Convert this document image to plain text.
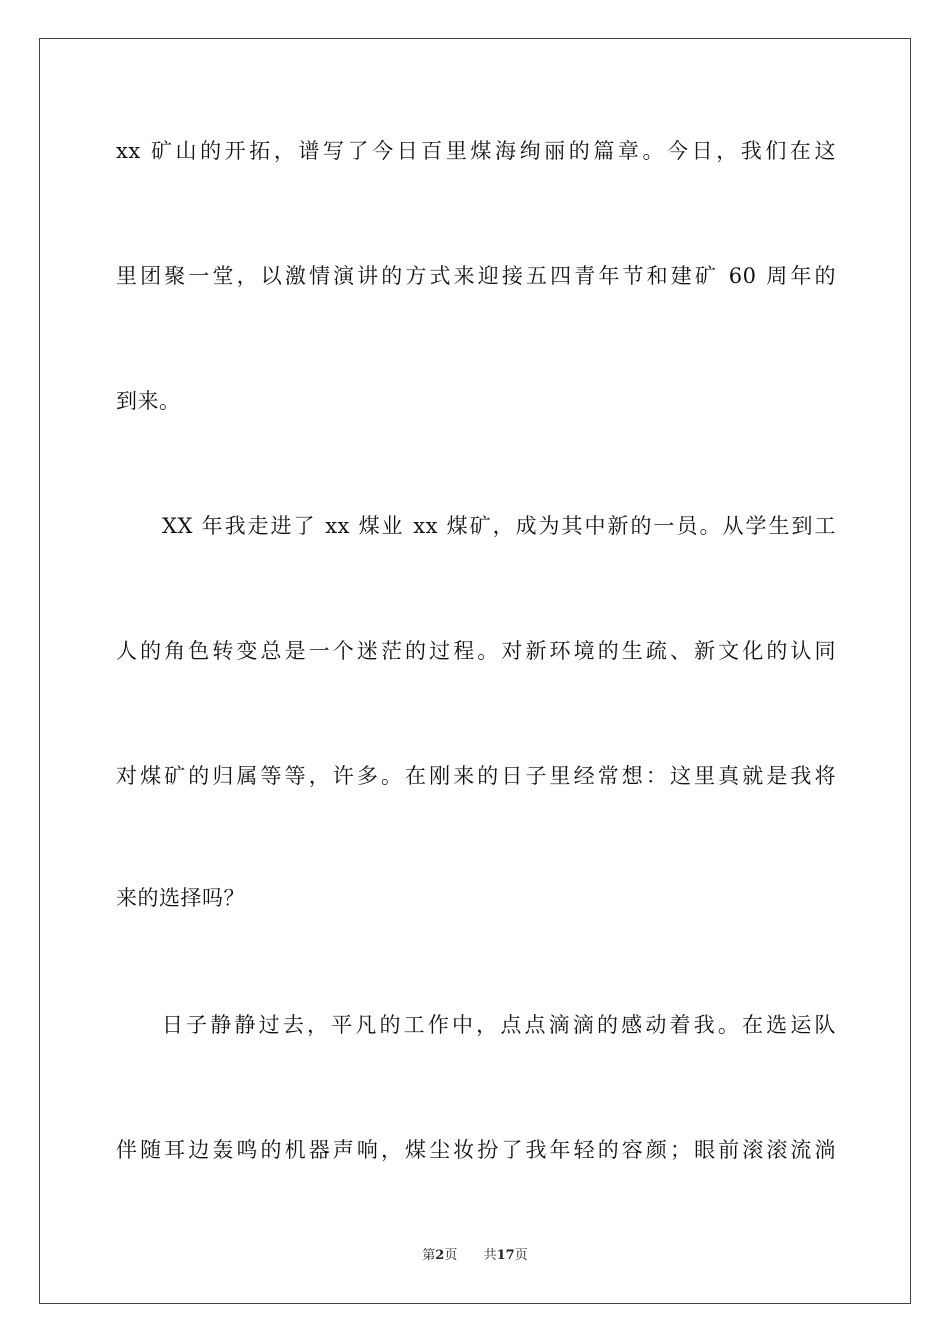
xx 矿山的开拓，谱写了今日百里煤海绚丽的篇章。今日，我们在这
里团聚一堂，以激情演讲的方式来迎接五四青年节和建矿 60 周年的
到来。
XX 年我走进了 xx 煤业 xx 煤矿，成为其中新的一员。从学生到工
人的角色转变总是一个迷茫的过程。对新环境的生疏、新文化的认同
对煤矿的归属等等，许多。在刚来的日子里经常想：这里真就是我将
来的选择吗？
日子静静过去，平凡的工作中，点点滴滴的感动着我。在选运队
伴随耳边轰鸣的机器声响，煤尘妆扮了我年轻的容颜；眼前滚滚流淌
第2页 共17页
